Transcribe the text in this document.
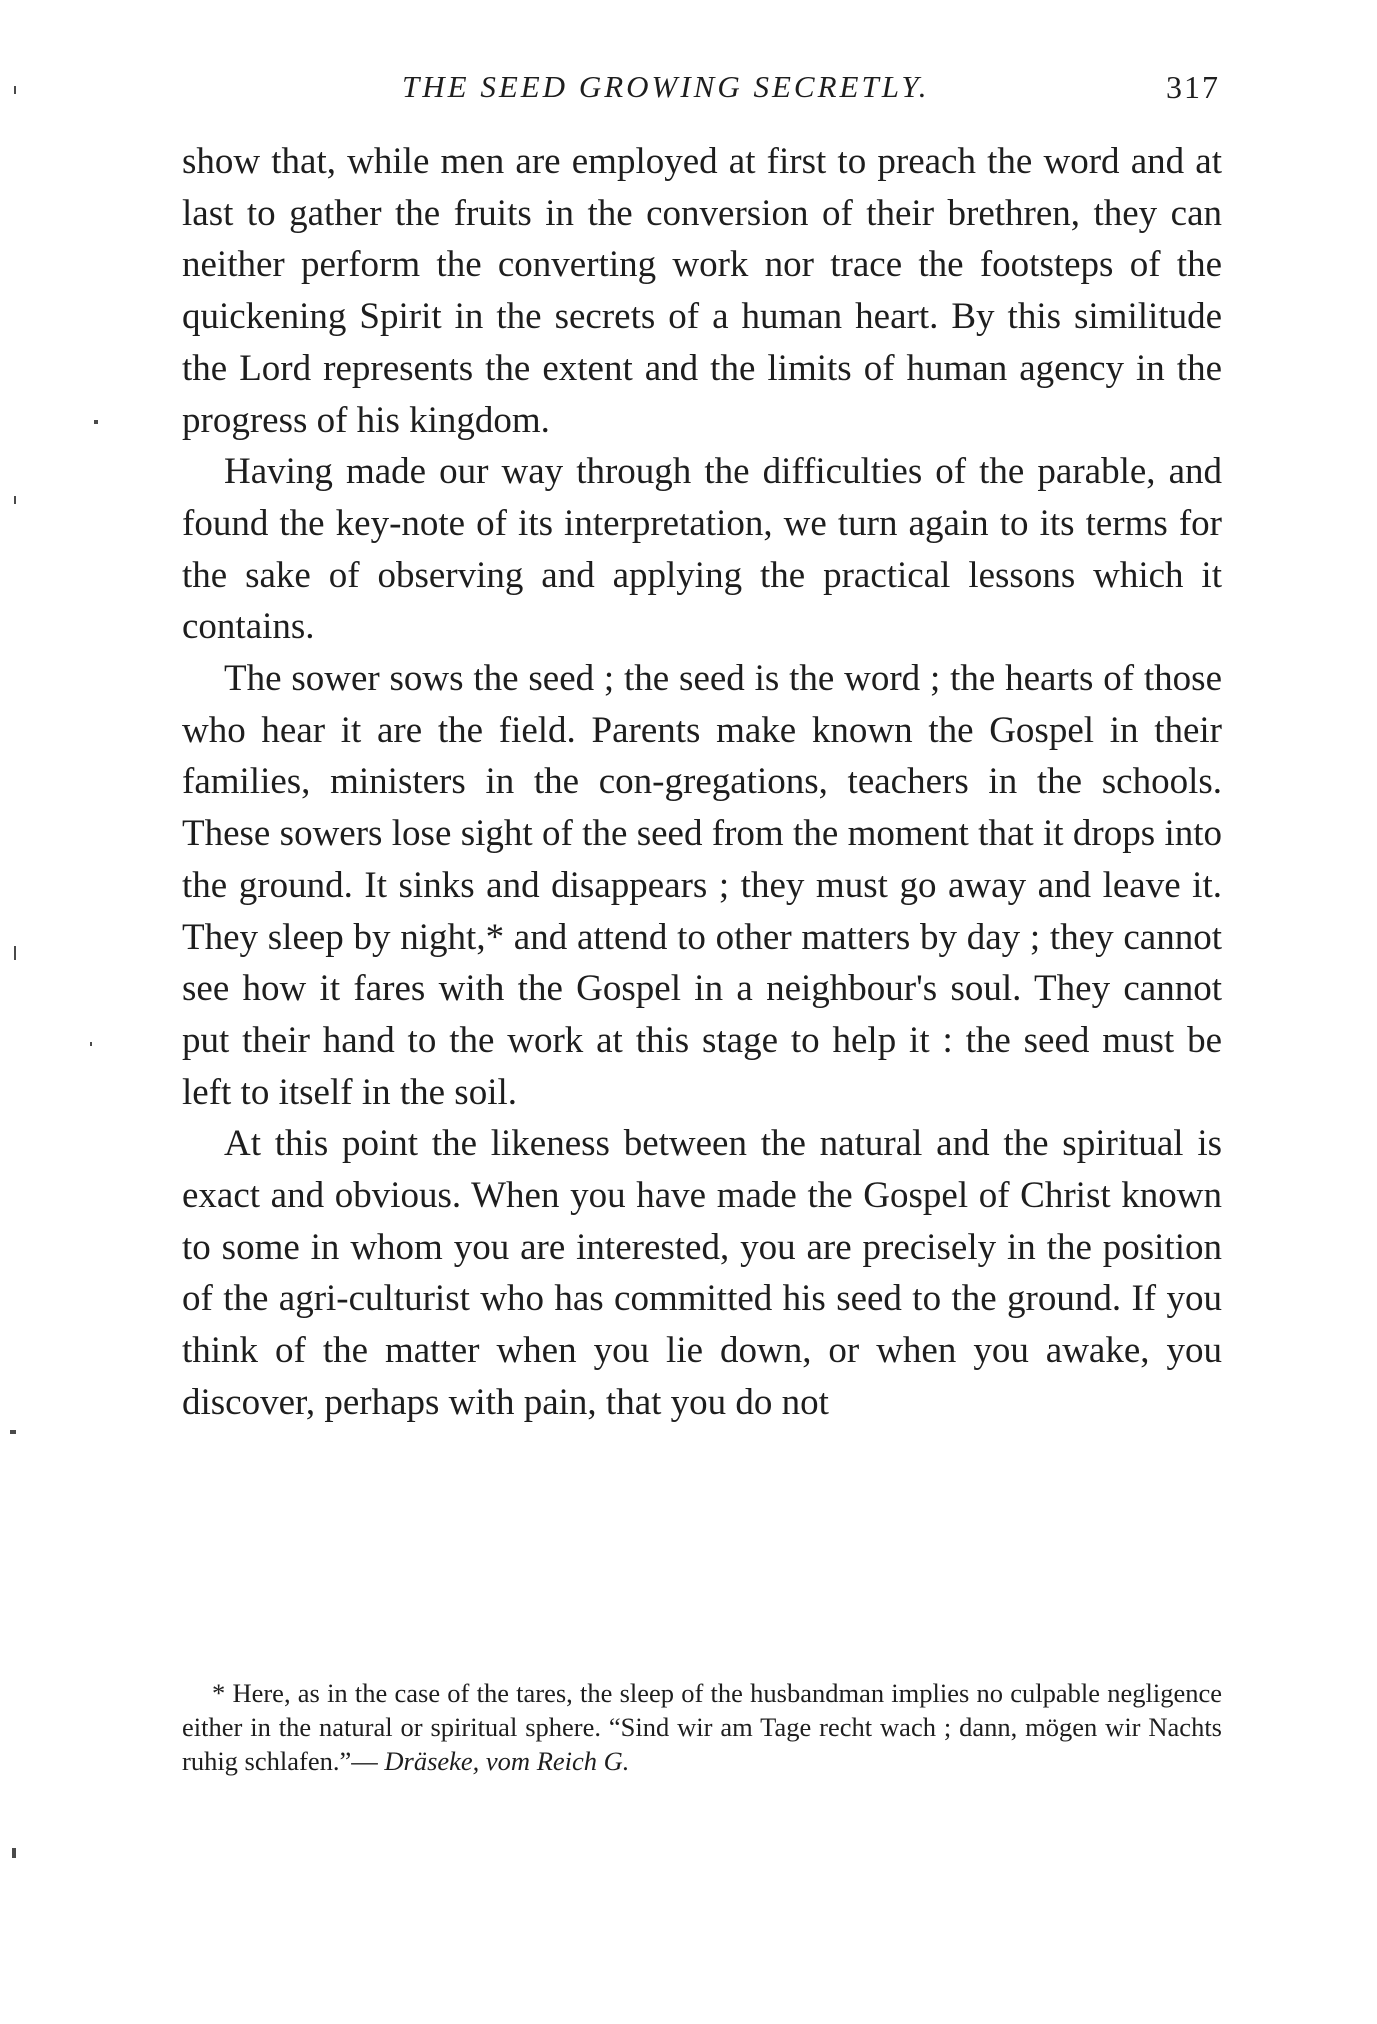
THE SEED GROWING SECRETLY.	317

show that, while men are employed at first to preach the word and at last to gather the fruits in the conversion of their brethren, they can neither perform the converting work nor trace the footsteps of the quickening Spirit in the secrets of a human heart. By this similitude the Lord represents the extent and the limits of human agency in the progress of his kingdom.

Having made our way through the difficulties of the parable, and found the key-note of its interpretation, we turn again to its terms for the sake of observing and applying the practical lessons which it contains.

The sower sows the seed ; the seed is the word ; the hearts of those who hear it are the field. Parents make known the Gospel in their families, ministers in the con-gregations, teachers in the schools. These sowers lose sight of the seed from the moment that it drops into the ground. It sinks and disappears ; they must go away and leave it. They sleep by night,* and attend to other matters by day ; they cannot see how it fares with the Gospel in a neighbour's soul. They cannot put their hand to the work at this stage to help it : the seed must be left to itself in the soil.

At this point the likeness between the natural and the spiritual is exact and obvious. When you have made the Gospel of Christ known to some in whom you are interested, you are precisely in the position of the agri-culturist who has committed his seed to the ground. If you think of the matter when you lie down, or when you awake, you discover, perhaps with pain, that you do not

* Here, as in the case of the tares, the sleep of the husbandman implies no culpable negligence either in the natural or spiritual sphere. “Sind wir am Tage recht wach ; dann, mögen wir Nachts ruhig schlafen.”— Dräseke, vom Reich G.
